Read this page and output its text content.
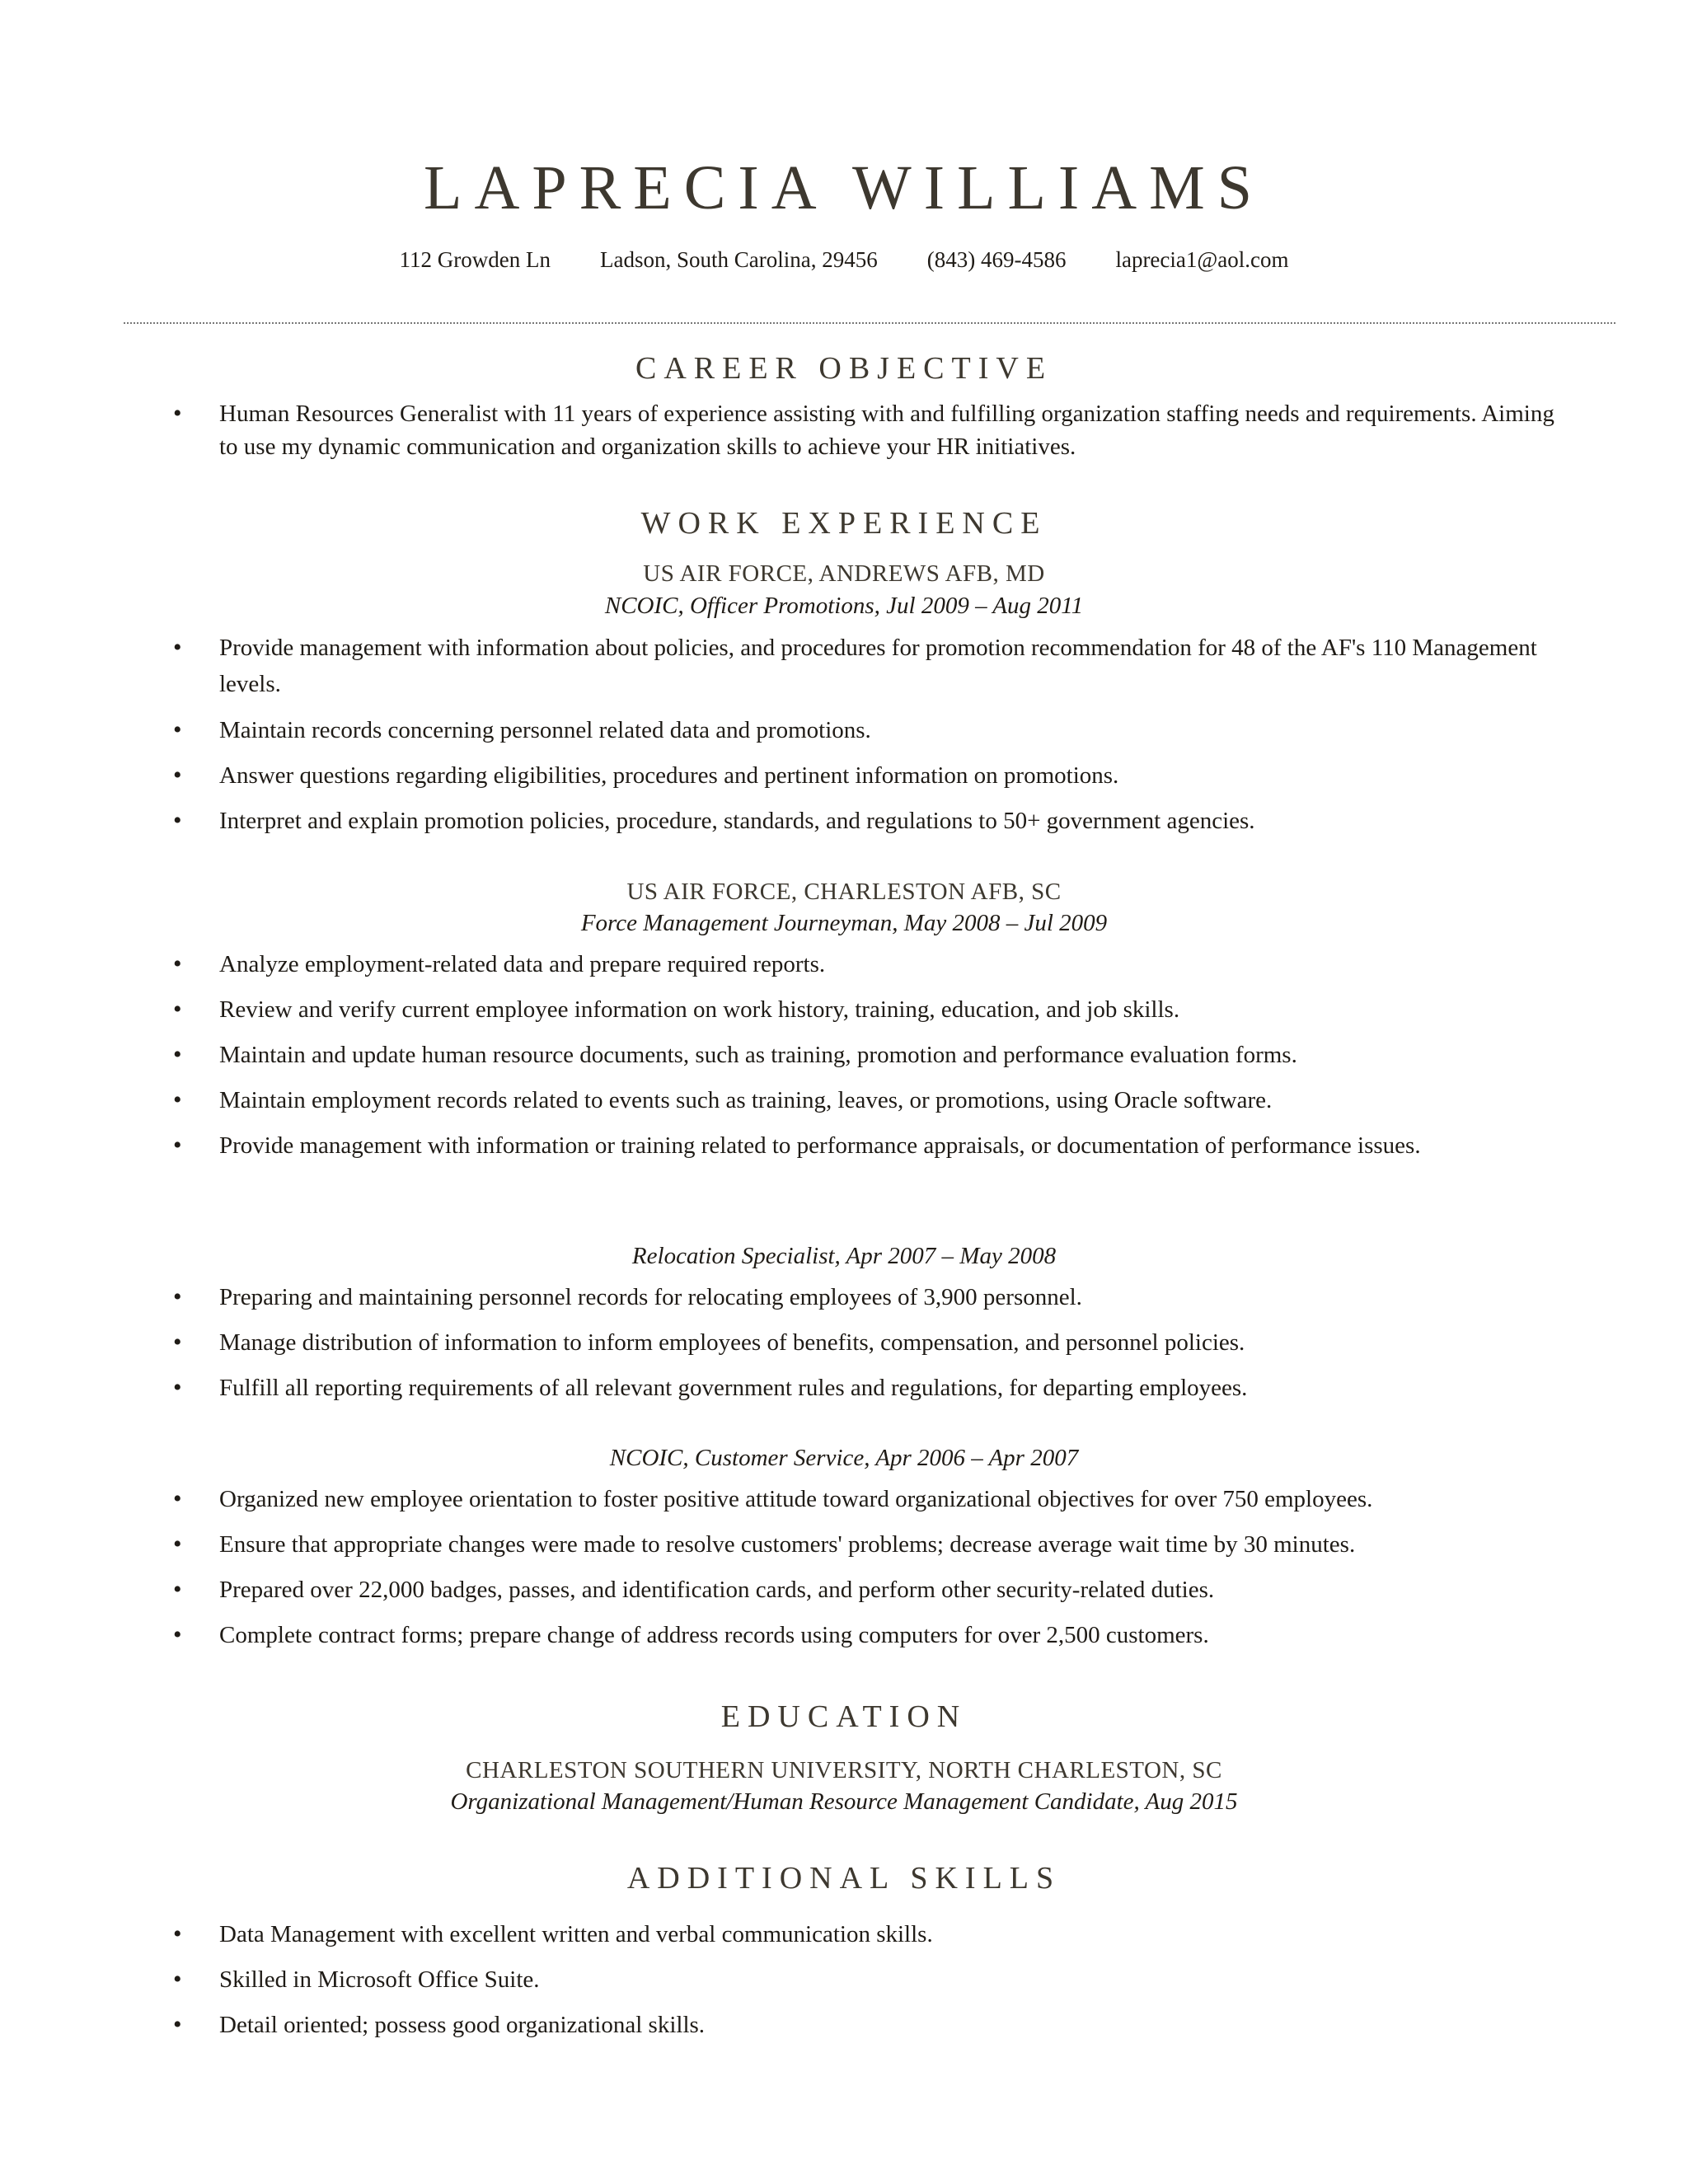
LAPRECIA WILLIAMS
112 Growden Ln Ladson, South Carolina, 29456 (843) 469-4586 laprecia1@aol.com
CAREER OBJECTIVE
• Human Resources Generalist with 11 years of experience assisting with and fulfilling organization staffing needs and requirements. Aiming to use my dynamic communication and organization skills to achieve your HR initiatives.
WORK EXPERIENCE
US AIR FORCE, ANDREWS AFB, MD
NCOIC, Officer Promotions, Jul 2009 – Aug 2011
• Provide management with information about policies, and procedures for promotion recommendation for 48 of the AF's 110 Management levels.
• Maintain records concerning personnel related data and promotions.
• Answer questions regarding eligibilities, procedures and pertinent information on promotions.
• Interpret and explain promotion policies, procedure, standards, and regulations to 50+ government agencies.
US AIR FORCE, CHARLESTON AFB, SC
Force Management Journeyman, May 2008 – Jul 2009
• Analyze employment-related data and prepare required reports.
• Review and verify current employee information on work history, training, education, and job skills.
• Maintain and update human resource documents, such as training, promotion and performance evaluation forms.
• Maintain employment records related to events such as training, leaves, or promotions, using Oracle software.
• Provide management with information or training related to performance appraisals, or documentation of performance issues.
Relocation Specialist, Apr 2007 – May 2008
• Preparing and maintaining personnel records for relocating employees of 3,900 personnel.
• Manage distribution of information to inform employees of benefits, compensation, and personnel policies.
• Fulfill all reporting requirements of all relevant government rules and regulations, for departing employees.
NCOIC, Customer Service, Apr 2006 – Apr 2007
• Organized new employee orientation to foster positive attitude toward organizational objectives for over 750 employees.
• Ensure that appropriate changes were made to resolve customers' problems; decrease average wait time by 30 minutes.
• Prepared over 22,000 badges, passes, and identification cards, and perform other security-related duties.
• Complete contract forms; prepare change of address records using computers for over 2,500 customers.
EDUCATION
CHARLESTON SOUTHERN UNIVERSITY, NORTH CHARLESTON, SC
Organizational Management/Human Resource Management Candidate, Aug 2015
ADDITIONAL SKILLS
• Data Management with excellent written and verbal communication skills.
• Skilled in Microsoft Office Suite.
• Detail oriented; possess good organizational skills.
